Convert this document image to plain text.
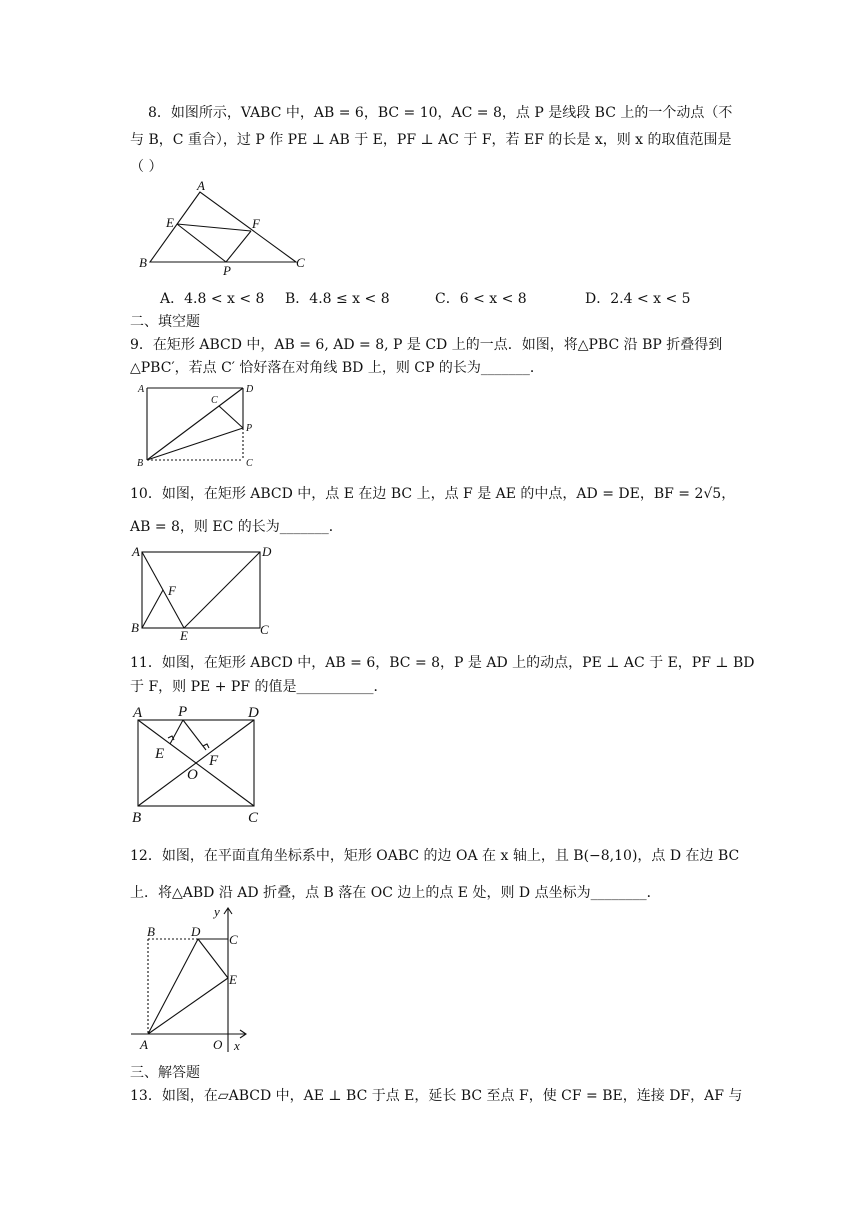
8．如图所示，VABC 中，AB = 6，BC = 10，AC = 8，点 P 是线段 BC 上的一个动点（不
与 B，C 重合），过 P 作 PE ⊥ AB 于 E，PF ⊥ AC 于 F，若 EF 的长是 x，则 x 的取值范围是
（ ）
A
E	F
B
P
C
A．4.8 < x < 8 B．4.8 ≤ x < 8	C．6 < x < 8	D．2.4 < x < 5
二、填空题
9．在矩形 ABCD 中，AB = 6, AD = 8, P 是 CD 上的一点．如图，将△PBC 沿 BP 折叠得到
△PBC′，若点 C′ 恰好落在对角线 BD 上，则 CP 的长为_______．
A	D
C
P
B	C
10．如图，在矩形 ABCD 中，点 E 在边 BC 上，点 F 是 AE 的中点，AD = DE，BF = 2√5，
AB = 8，则 EC 的长为_______．
A	D
F
B
E	C
11．如图，在矩形 ABCD 中，AB = 6，BC = 8，P 是 AD 上的动点，PE ⊥ AC 于 E，PF ⊥ BD
于 F，则 PE + PF 的值是___________．
A P	D
E	F
O
B	C
12．如图，在平面直角坐标系中，矩形 OABC 的边 OA 在 x 轴上，且 B(−8,10)，点 D 在边 BC
上．将△ABD 沿 AD 折叠，点 B 落在 OC 边上的点 E 处，则 D 点坐标为________．
y
B	D
C
E
A	O x
三、解答题
13．如图，在▱ABCD 中，AE ⊥ BC 于点 E，延长 BC 至点 F，使 CF = BE，连接 DF，AF 与
